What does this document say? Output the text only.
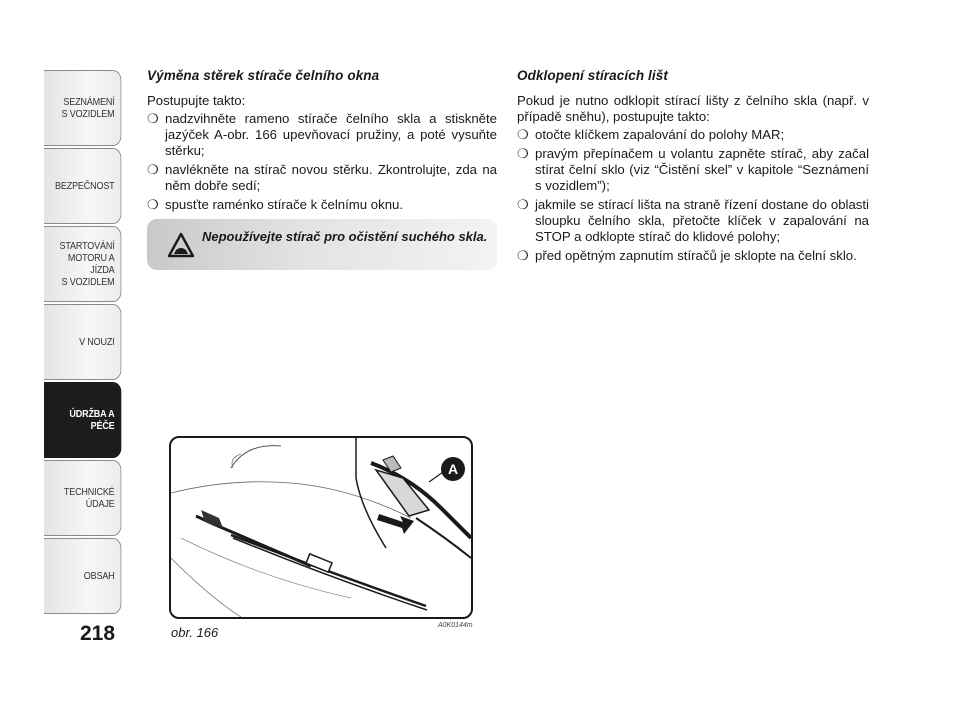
SEZNÁMENÍ
S VOZIDLEM
BEZPEČNOST
STARTOVÁNÍ
MOTORU A JÍZDA
S VOZIDLEM
V NOUZI
ÚDRŽBA A PÉČE
TECHNICKÉ
ÚDAJE
OBSAH
218
Výměna stěrek stírače čelního okna
Postupujte takto:
❍ nadzvihněte rameno stírače čelního skla a stiskněte jazýček A-obr. 166 upevňovací pružiny, a poté vysuňte stěrku;
❍ navlékněte na stírač novou stěrku. Zkontrolujte, zda na něm dobře sedí;
❍ spusťte raménko stírače k čelnímu oknu.
Nepoužívejte stírač pro očistění suchého skla.
Odklopení stíracích lišt
Pokud je nutno odklopit stírací lišty z čelního skla (např. v případě sněhu), postupujte takto:
❍ otočte klíčkem zapalování do polohy MAR;
❍ pravým přepínačem u volantu zapněte stírač, aby začal stírat čelní sklo (viz “Čistění skel” v kapitole “Seznámení s vozidlem”);
❍ jakmile se stírací lišta na straně řízení dostane do oblasti sloupku čelního skla, přetočte klíček v zapalování na STOP a odklopte stírač do klidové polohy;
❍ před opětným zapnutím stíračů je sklopte na čelní sklo.
A
obr. 166	A0K0144m
